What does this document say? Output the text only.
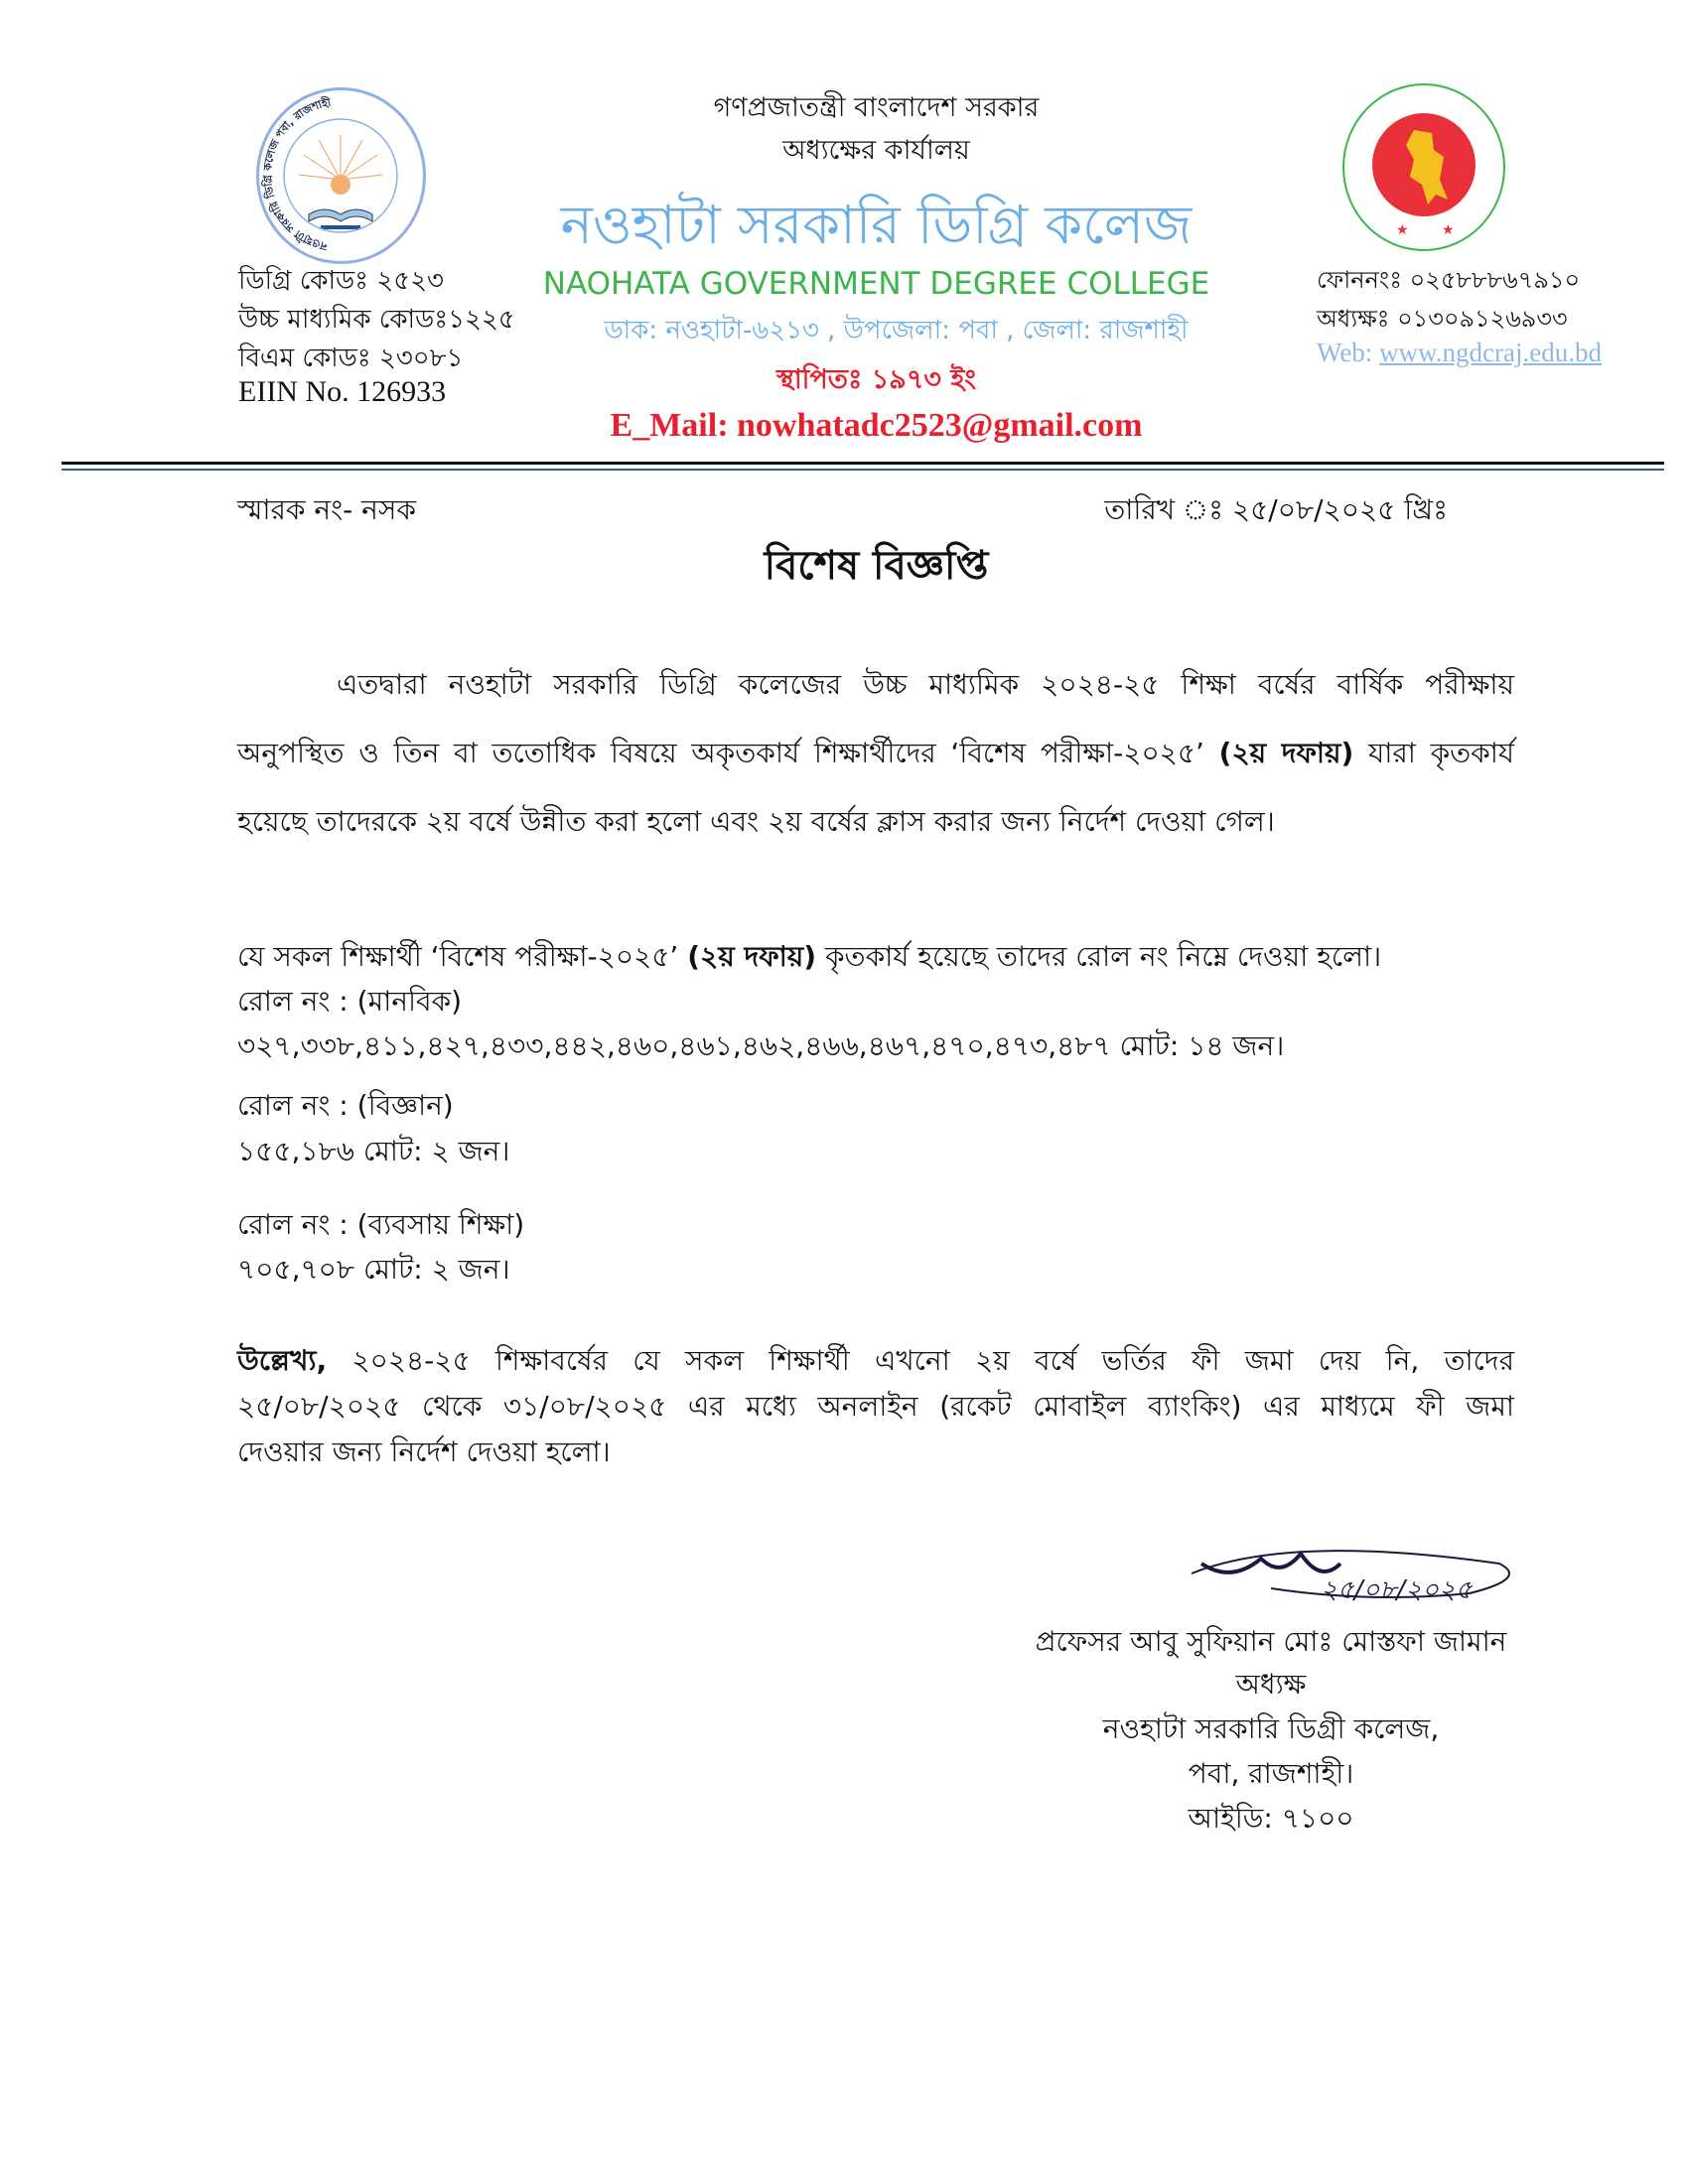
নওহাটা সরকারি ডিগ্রি কলেজ পবা, রাজশাহী
ডিগ্রি কোডঃ ২৫২৩
উচ্চ মাধ্যমিক কোডঃ১২২৫
বিএম কোডঃ ২৩০৮১
EIIN No. 126933
গণপ্রজাতন্ত্রী বাংলাদেশ সরকার
অধ্যক্ষের কার্যালয়
নওহাটা সরকারি ডিগ্রি কলেজ
NAOHATA GOVERNMENT DEGREE COLLEGE
ডাক: নওহাটা-৬২১৩ , উপজেলা: পবা , জেলা: রাজশাহী
স্থাপিতঃ ১৯৭৩ ইং
E_Mail: nowhatadc2523@gmail.com
★ ★
ফোননংঃ ০২৫৮৮৮৬৭৯১০
অধ্যক্ষঃ ০১৩০৯১২৬৯৩৩
Web: www.ngdcraj.edu.bd
স্মারক নং- নসক	তারিখ ঃ ২৫/০৮/২০২৫ খ্রিঃ
বিশেষ বিজ্ঞপ্তি
এতদ্বারা নওহাটা সরকারি ডিগ্রি কলেজের উচ্চ মাধ্যমিক ২০২৪-২৫ শিক্ষা বর্ষের বার্ষিক পরীক্ষায়
অনুপস্থিত ও তিন বা ততোধিক বিষয়ে অকৃতকার্য শিক্ষার্থীদের ‘বিশেষ পরীক্ষা-২০২৫’ (২য় দফায়) যারা কৃতকার্য
হয়েছে তাদেরকে ২য় বর্ষে উন্নীত করা হলো এবং ২য় বর্ষের ক্লাস করার জন্য নির্দেশ দেওয়া গেল।
যে সকল শিক্ষার্থী ‘বিশেষ পরীক্ষা-২০২৫’ (২য় দফায়) কৃতকার্য হয়েছে তাদের রোল নং নিম্নে দেওয়া হলো।
রোল নং : (মানবিক)
৩২৭,৩৩৮,৪১১,৪২৭,৪৩৩,৪৪২,৪৬০,৪৬১,৪৬২,৪৬৬,৪৬৭,৪৭০,৪৭৩,৪৮৭ মোট: ১৪ জন।
রোল নং : (বিজ্ঞান)
১৫৫,১৮৬ মোট: ২ জন।
রোল নং : (ব্যবসায় শিক্ষা)
৭০৫,৭০৮ মোট: ২ জন।
উল্লেখ্য, ২০২৪-২৫ শিক্ষাবর্ষের যে সকল শিক্ষার্থী এখনো ২য় বর্ষে ভর্তির ফী জমা দেয় নি, তাদের
২৫/০৮/২০২৫ থেকে ৩১/০৮/২০২৫ এর মধ্যে অনলাইন (রকেট মোবাইল ব্যাংকিং) এর মাধ্যমে ফী জমা
দেওয়ার জন্য নির্দেশ দেওয়া হলো।
২৫/০৮/২০২৫
প্রফেসর আবু সুফিয়ান মোঃ মোস্তফা জামান
অধ্যক্ষ
নওহাটা সরকারি ডিগ্রী কলেজ,
পবা, রাজশাহী।
আইডি: ৭১০০
